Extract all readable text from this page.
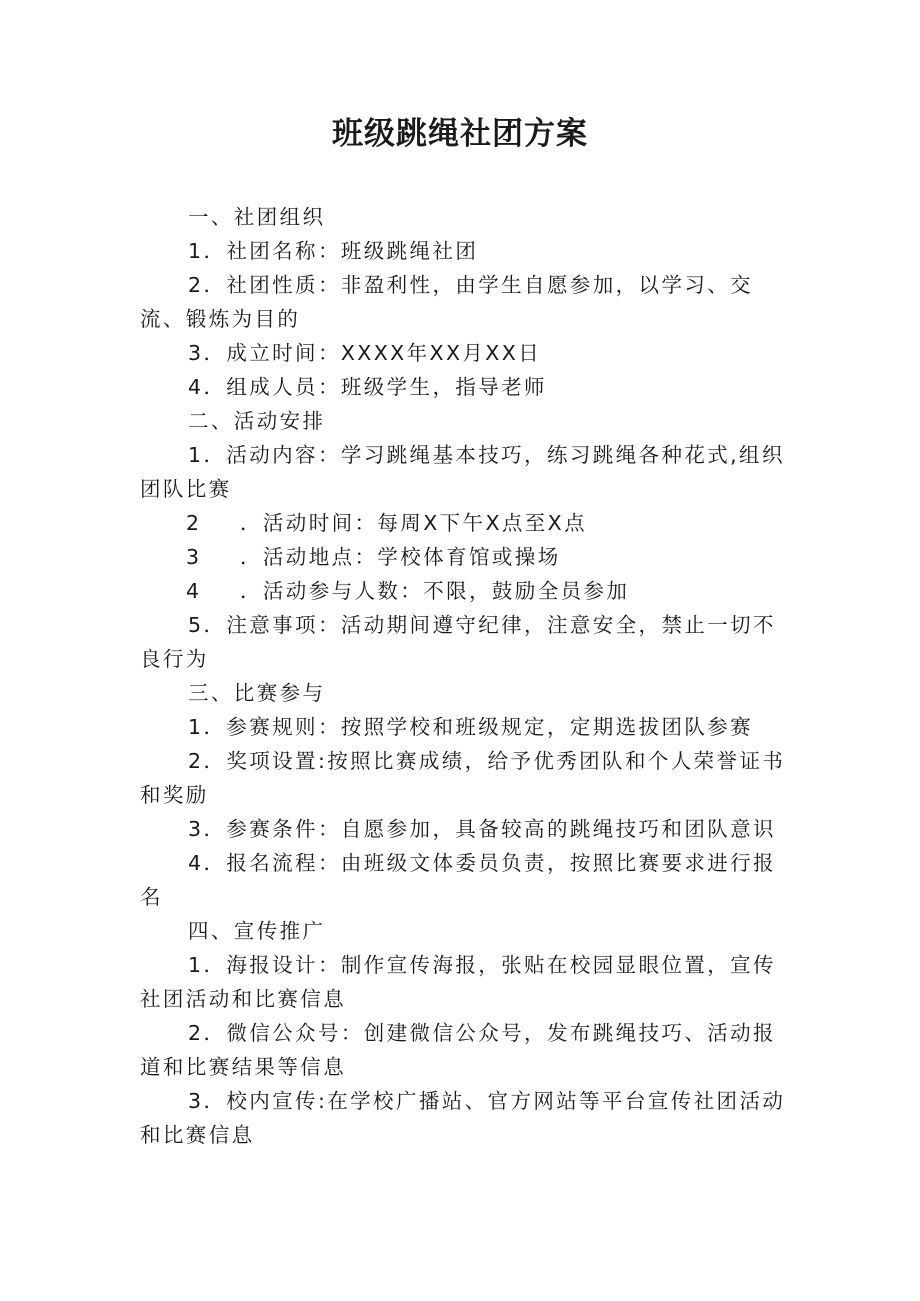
班级跳绳社团方案
一、社团组织
1．社团名称：班级跳绳社团
2．社团性质：非盈利性，由学生自愿参加，以学习、交
流、锻炼为目的
3．成立时间：XXXX年XX月XX日
4．组成人员：班级学生，指导老师
二、活动安排
1．活动内容：学习跳绳基本技巧，练习跳绳各种花式,组织
团队比赛
2 ．活动时间：每周X下午X点至X点
3 ．活动地点：学校体育馆或操场
4 ．活动参与人数：不限，鼓励全员参加
5．注意事项：活动期间遵守纪律，注意安全，禁止一切不
良行为
三、比赛参与
1．参赛规则：按照学校和班级规定，定期选拔团队参赛
2．奖项设置:按照比赛成绩，给予优秀团队和个人荣誉证书
和奖励
3．参赛条件：自愿参加，具备较高的跳绳技巧和团队意识
4．报名流程：由班级文体委员负责，按照比赛要求进行报
名
四、宣传推广
1．海报设计：制作宣传海报，张贴在校园显眼位置，宣传
社团活动和比赛信息
2．微信公众号：创建微信公众号，发布跳绳技巧、活动报
道和比赛结果等信息
3．校内宣传:在学校广播站、官方网站等平台宣传社团活动
和比赛信息
